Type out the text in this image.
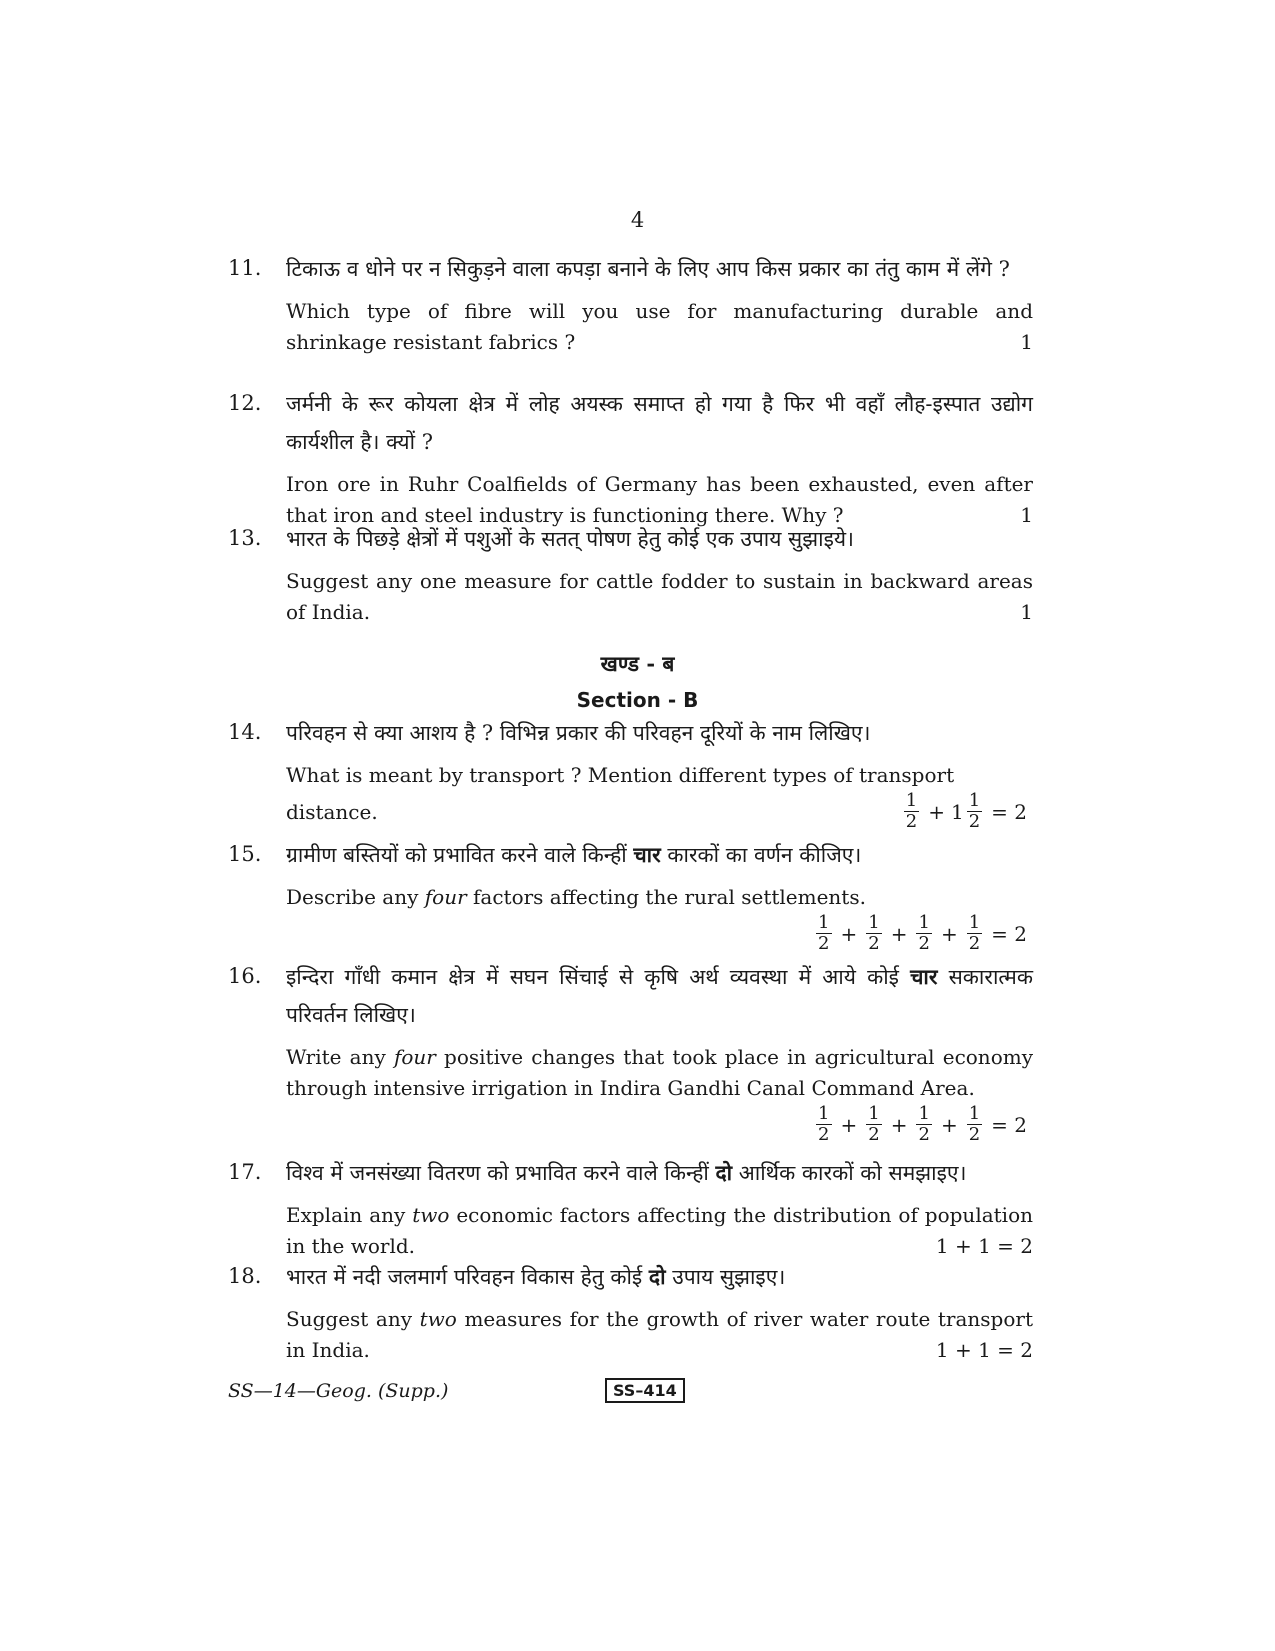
4
11. टिकाऊ व धोने पर न सिकुड़ने वाला कपड़ा बनाने के लिए आप किस प्रकार का तंतु काम में लेंगे ?
Which type of fibre will you use for manufacturing durable and shrinkage resistant fabrics ?	1
12. जर्मनी के रूर कोयला क्षेत्र में लोह अयस्क समाप्त हो गया है फिर भी वहाँ लौह-इस्पात उद्योग कार्यशील है। क्यों ?
Iron ore in Ruhr Coalfields of Germany has been exhausted, even after that iron and steel industry is functioning there. Why ?	1
13. भारत के पिछड़े क्षेत्रों में पशुओं के सतत् पोषण हेतु कोई एक उपाय सुझाइये।
Suggest any one measure for cattle fodder to sustain in backward areas of India.	1
खण्ड - ब
Section - B
14. परिवहन से क्या आशय है ? विभिन्न प्रकार की परिवहन दूरियों के नाम लिखिए।
What is meant by transport ? Mention different types of transport
distance.	$\frac{1}{2} + 1 \frac{1}{2} = 2$
15. ग्रामीण बस्तियों को प्रभावित करने वाले किन्हीं चार कारकों का वर्णन कीजिए।
Describe any four factors affecting the rural settlements.
$\frac{1}{2} + \frac{1}{2} + \frac{1}{2} + \frac{1}{2} = 2$
16. इन्दिरा गाँधी कमान क्षेत्र में सघन सिंचाई से कृषि अर्थ व्यवस्था में आये कोई चार सकारात्मक परिवर्तन लिखिए।
Write any four positive changes that took place in agricultural economy through intensive irrigation in Indira Gandhi Canal Command Area.
$\frac{1}{2} + \frac{1}{2} + \frac{1}{2} + \frac{1}{2} = 2$
17. विश्व में जनसंख्या वितरण को प्रभावित करने वाले किन्हीं दो आर्थिक कारकों को समझाइए।
Explain any two economic factors affecting the distribution of population in the world.	1 + 1 = 2
18. भारत में नदी जलमार्ग परिवहन विकास हेतु कोई दो उपाय सुझाइए।
Suggest any two measures for the growth of river water route transport in India.	1 + 1 = 2
SS—14—Geog. (Supp.)	SS–414
